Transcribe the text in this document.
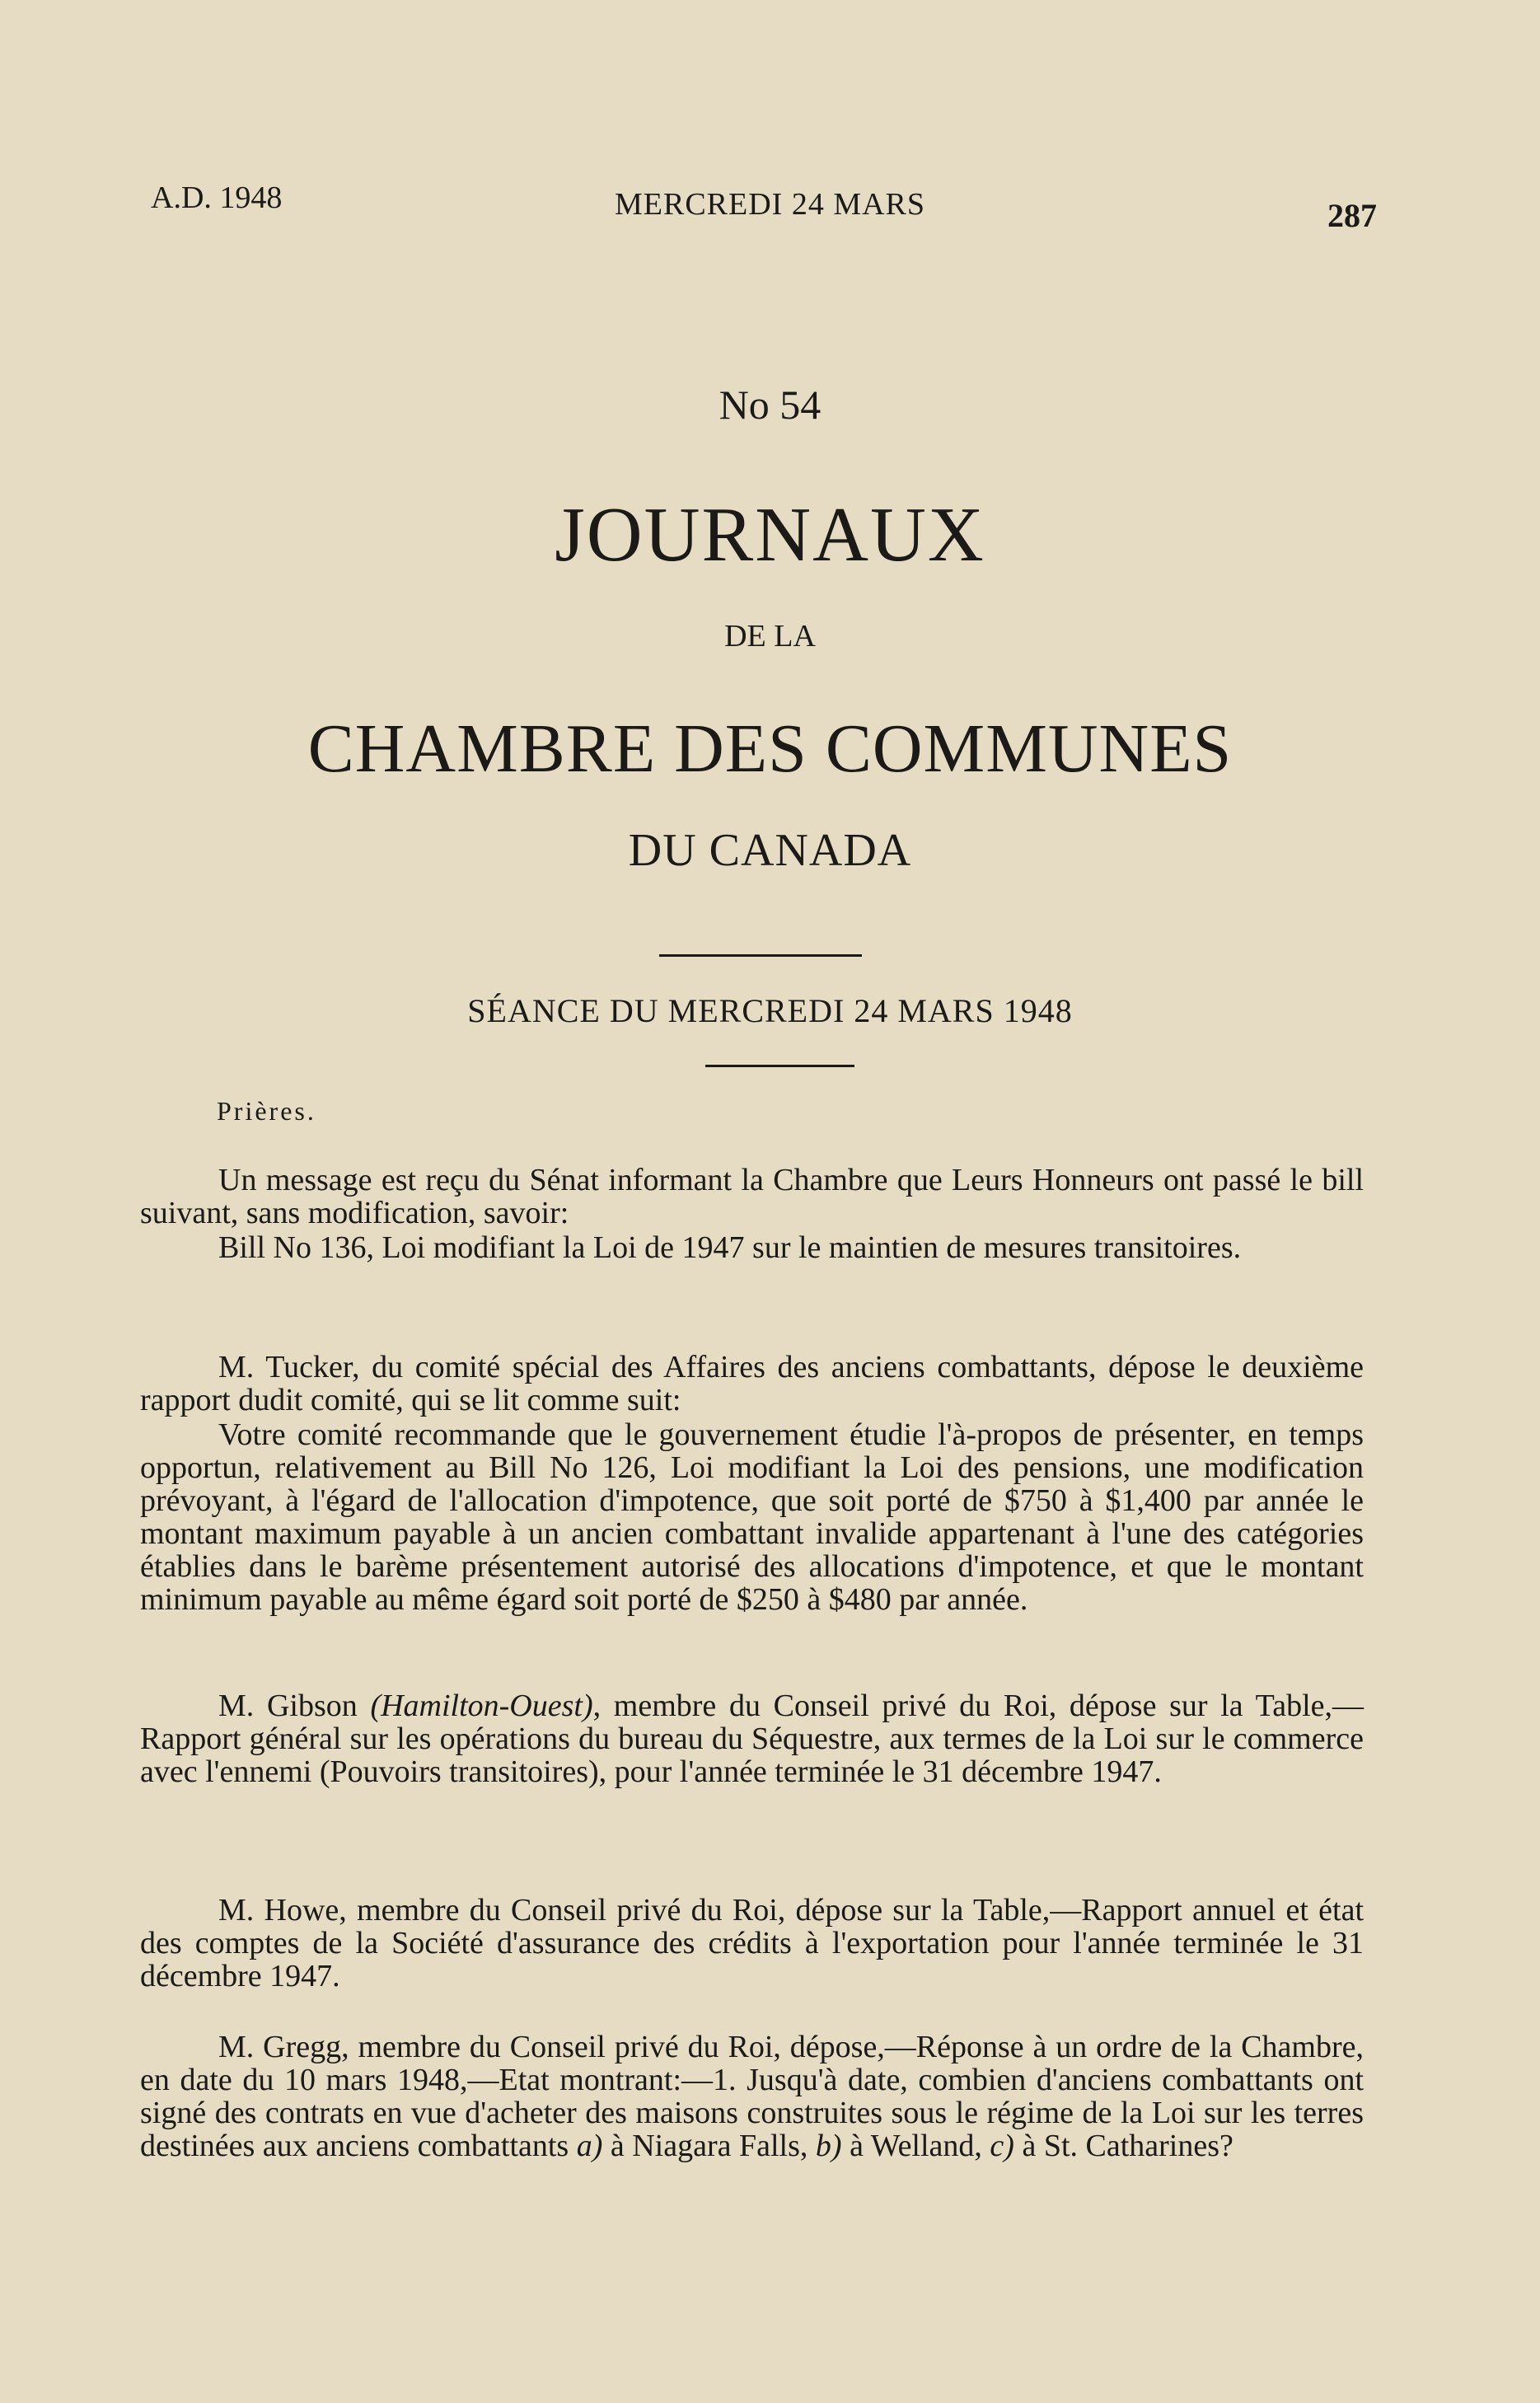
A.D. 1948	MERCREDI 24 MARS	287
No 54
JOURNAUX
DE LA
CHAMBRE DES COMMUNES
DU CANADA
SÉANCE DU MERCREDI 24 MARS 1948
Prières.

Un message est reçu du Sénat informant la Chambre que Leurs Honneurs ont passé le bill suivant, sans modification, savoir:

Bill No 136, Loi modifiant la Loi de 1947 sur le maintien de mesures transitoires.

M. Tucker, du comité spécial des Affaires des anciens combattants, dépose le deuxième rapport dudit comité, qui se lit comme suit:

Votre comité recommande que le gouvernement étudie l'à-propos de présenter, en temps opportun, relativement au Bill No 126, Loi modifiant la Loi des pensions, une modification prévoyant, à l'égard de l'allocation d'impotence, que soit porté de $750 à $1,400 par année le montant maximum payable à un ancien combattant invalide appartenant à l'une des catégories établies dans le barème présentement autorisé des allocations d'impotence, et que le montant minimum payable au même égard soit porté de $250 à $480 par année.

M. Gibson (Hamilton-Ouest), membre du Conseil privé du Roi, dépose sur la Table,—Rapport général sur les opérations du bureau du Séquestre, aux termes de la Loi sur le commerce avec l'ennemi (Pouvoirs transitoires), pour l'année terminée le 31 décembre 1947.

M. Howe, membre du Conseil privé du Roi, dépose sur la Table,—Rapport annuel et état des comptes de la Société d'assurance des crédits à l'exportation pour l'année terminée le 31 décembre 1947.

M. Gregg, membre du Conseil privé du Roi, dépose,—Réponse à un ordre de la Chambre, en date du 10 mars 1948,—Etat montrant:—1. Jusqu'à date, combien d'anciens combattants ont signé des contrats en vue d'acheter des maisons construites sous le régime de la Loi sur les terres destinées aux anciens combattants a) à Niagara Falls, b) à Welland, c) à St. Catharines?
